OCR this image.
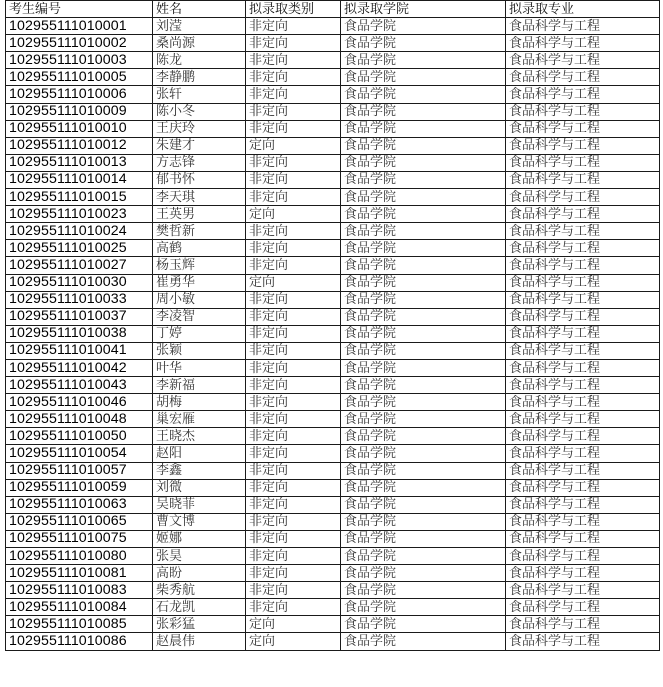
考生编号	姓名	拟录取类别	拟录取学院	拟录取专业
102955111010001	刘滢	非定向	食品学院	食品科学与工程
102955111010002	桑尚源	非定向	食品学院	食品科学与工程
102955111010003	陈龙	非定向	食品学院	食品科学与工程
102955111010005	李静鹏	非定向	食品学院	食品科学与工程
102955111010006	张轩	非定向	食品学院	食品科学与工程
102955111010009	陈小冬	非定向	食品学院	食品科学与工程
102955111010010	王庆玲	非定向	食品学院	食品科学与工程
102955111010012	朱建才	定向	食品学院	食品科学与工程
102955111010013	方志锋	非定向	食品学院	食品科学与工程
102955111010014	郁书怀	非定向	食品学院	食品科学与工程
102955111010015	李天琪	非定向	食品学院	食品科学与工程
102955111010023	王英男	定向	食品学院	食品科学与工程
102955111010024	樊哲新	非定向	食品学院	食品科学与工程
102955111010025	高鹤	非定向	食品学院	食品科学与工程
102955111010027	杨玉辉	非定向	食品学院	食品科学与工程
102955111010030	崔勇华	定向	食品学院	食品科学与工程
102955111010033	周小敏	非定向	食品学院	食品科学与工程
102955111010037	李凌智	非定向	食品学院	食品科学与工程
102955111010038	丁婷	非定向	食品学院	食品科学与工程
102955111010041	张颖	非定向	食品学院	食品科学与工程
102955111010042	叶华	非定向	食品学院	食品科学与工程
102955111010043	李新福	非定向	食品学院	食品科学与工程
102955111010046	胡梅	非定向	食品学院	食品科学与工程
102955111010048	巢宏雁	非定向	食品学院	食品科学与工程
102955111010050	王晓杰	非定向	食品学院	食品科学与工程
102955111010054	赵阳	非定向	食品学院	食品科学与工程
102955111010057	李鑫	非定向	食品学院	食品科学与工程
102955111010059	刘微	非定向	食品学院	食品科学与工程
102955111010063	吴晓菲	非定向	食品学院	食品科学与工程
102955111010065	曹文博	非定向	食品学院	食品科学与工程
102955111010075	姬娜	非定向	食品学院	食品科学与工程
102955111010080	张昊	非定向	食品学院	食品科学与工程
102955111010081	高盼	非定向	食品学院	食品科学与工程
102955111010083	柴秀航	非定向	食品学院	食品科学与工程
102955111010084	石龙凯	非定向	食品学院	食品科学与工程
102955111010085	张彩猛	定向	食品学院	食品科学与工程
102955111010086	赵晨伟	定向	食品学院	食品科学与工程
